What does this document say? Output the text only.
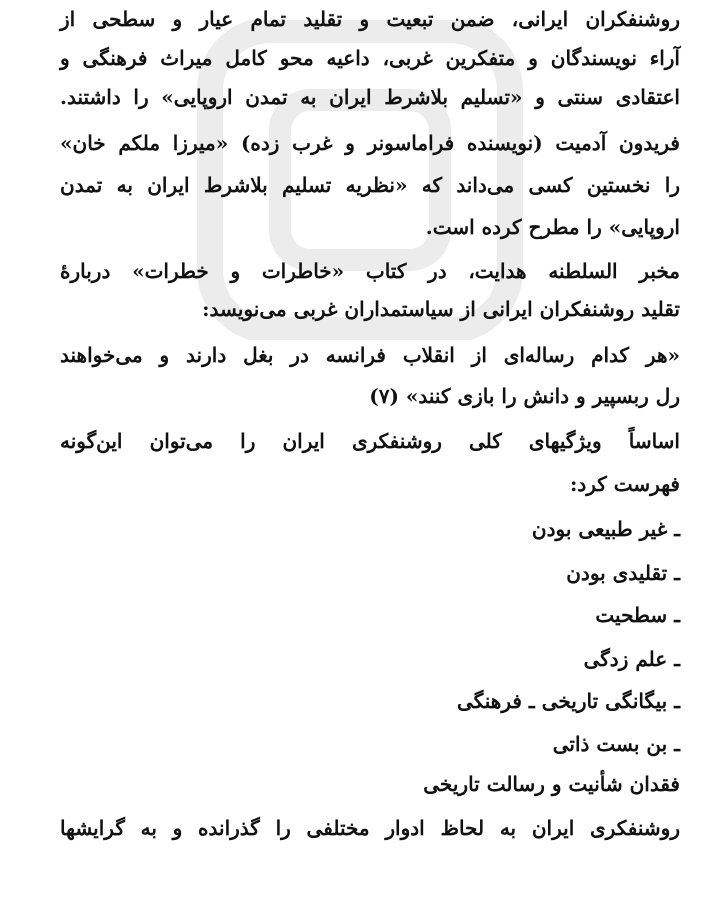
روشنفکران ایرانی، ضمن تبعیت و تقلید تمام عیار و سطحی از
آراء نویسندگان و متفکرین غربی، داعیه محو کامل میراث فرهنگی و
اعتقادی سنتی و «تسلیم بلاشرط ایران به تمدن اروپایی» را داشتند.
فریدون آدمیت (نویسنده فراماسونر و غرب زده) «میرزا ملکم خان»
را نخستین کسی می‌داند که «نظریه تسلیم بلاشرط ایران به تمدن
اروپایی» را مطرح کرده است.
مخبر السلطنه هدایت، در کتاب «خاطرات و خطرات» دربارهٔ
تقلید روشنفکران ایرانی از سیاستمداران غربی می‌نویسد:
«هر کدام رساله‌ای از انقلاب فرانسه در بغل دارند و می‌خواهند
رل ربسپیر و دانش را بازی کنند» (۷)
اساساً ویژگیهای کلی روشنفکری ایران را می‌توان این‌گونه
فهرست کرد:
ـ غیر طبیعی بودن
ـ تقلیدی بودن
ـ سطحیت
ـ علم زدگی
ـ بیگانگی تاریخی ـ فرهنگی
ـ بن بست ذاتی
فقدان شأنیت و رسالت تاریخی
روشنفکری ایران به لحاظ ادوار مختلفی را گذرانده و به گرایشها
